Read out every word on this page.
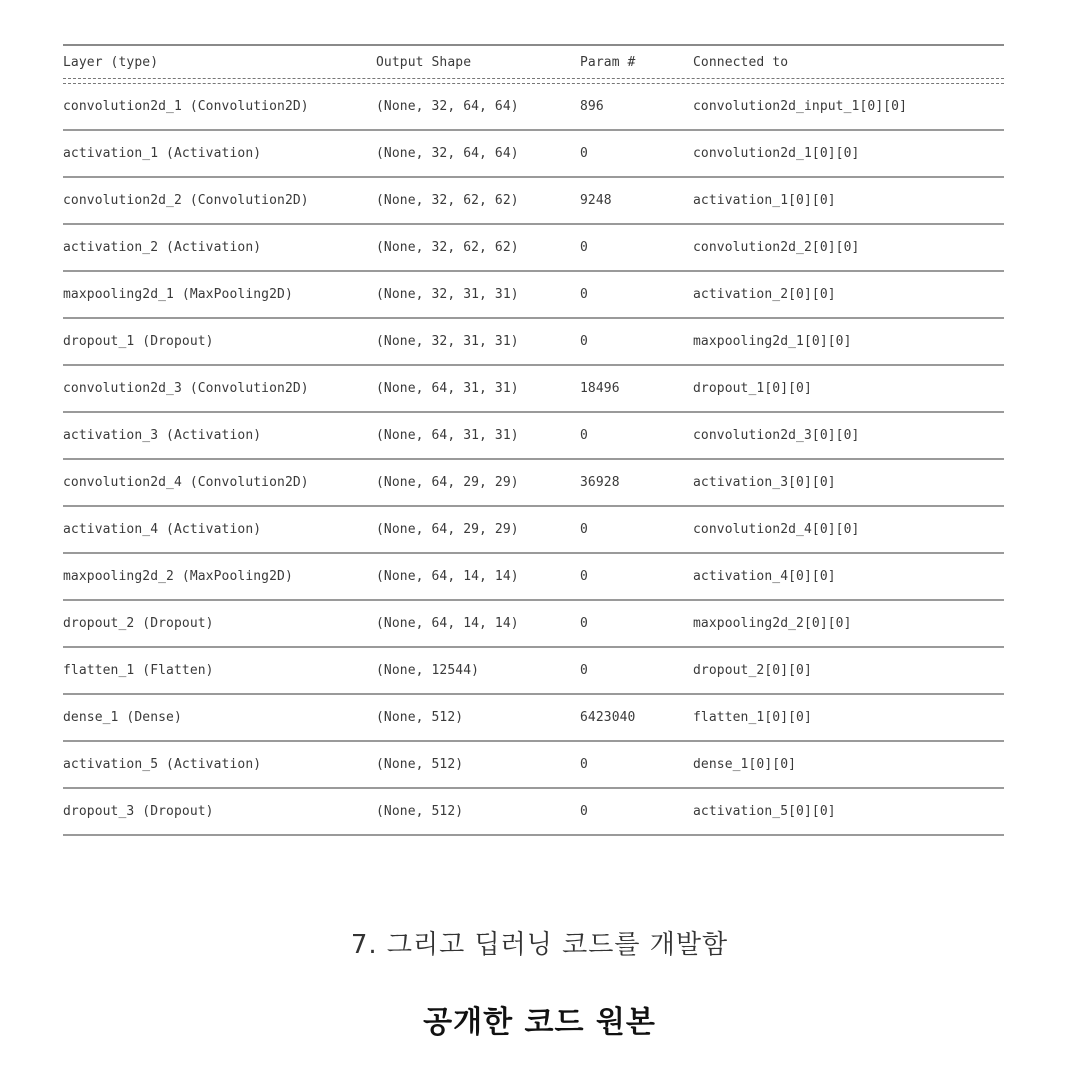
Layer (type)	Output Shape	Param #	Connected to
convolution2d_1 (Convolution2D)	(None, 32, 64, 64)	896	convolution2d_input_1[0][0]
activation_1 (Activation)	(None, 32, 64, 64)	0	convolution2d_1[0][0]
convolution2d_2 (Convolution2D)	(None, 32, 62, 62)	9248	activation_1[0][0]
activation_2 (Activation)	(None, 32, 62, 62)	0	convolution2d_2[0][0]
maxpooling2d_1 (MaxPooling2D)	(None, 32, 31, 31)	0	activation_2[0][0]
dropout_1 (Dropout)	(None, 32, 31, 31)	0	maxpooling2d_1[0][0]
convolution2d_3 (Convolution2D)	(None, 64, 31, 31)	18496	dropout_1[0][0]
activation_3 (Activation)	(None, 64, 31, 31)	0	convolution2d_3[0][0]
convolution2d_4 (Convolution2D)	(None, 64, 29, 29)	36928	activation_3[0][0]
activation_4 (Activation)	(None, 64, 29, 29)	0	convolution2d_4[0][0]
maxpooling2d_2 (MaxPooling2D)	(None, 64, 14, 14)	0	activation_4[0][0]
dropout_2 (Dropout)	(None, 64, 14, 14)	0	maxpooling2d_2[0][0]
flatten_1 (Flatten)	(None, 12544)	0	dropout_2[0][0]
dense_1 (Dense)	(None, 512)	6423040	flatten_1[0][0]
activation_5 (Activation)	(None, 512)	0	dense_1[0][0]
dropout_3 (Dropout)	(None, 512)	0	activation_5[0][0]
7. 그리고 딥러닝 코드를 개발함
공개한 코드 원본
